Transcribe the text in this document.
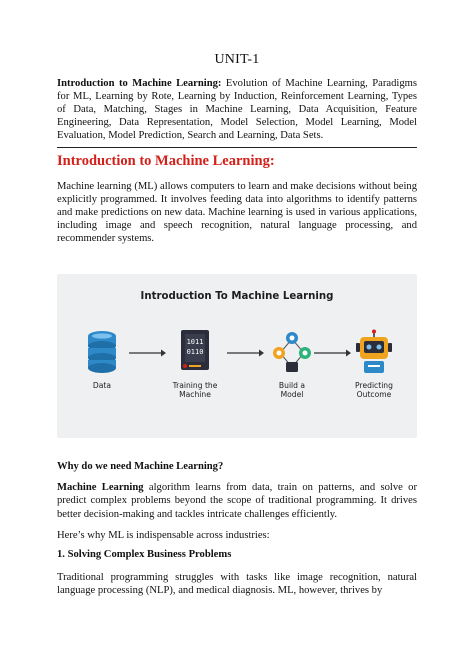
UNIT-1
Introduction to Machine Learning: Evolution of Machine Learning, Paradigms for ML, Learning by Rote, Learning by Induction, Reinforcement Learning, Types of Data, Matching, Stages in Machine Learning, Data Acquisition, Feature Engineering, Data Representation, Model Selection, Model Learning, Model Evaluation, Model Prediction, Search and Learning, Data Sets.
Introduction to Machine Learning:
Machine learning (ML) allows computers to learn and make decisions without being explicitly programmed. It involves feeding data into algorithms to identify patterns and make predictions on new data. Machine learning is used in various applications, including image and speech recognition, natural language processing, and recommender systems.
Introduction To Machine Learning
Data
1011
0110
Training the
Machine
Build a
Model
Predicting
Outcome
Why do we need Machine Learning?
Machine Learning algorithm learns from data, train on patterns, and solve or predict complex problems beyond the scope of traditional programming. It drives better decision-making and tackles intricate challenges efficiently.
Here’s why ML is indispensable across industries:
1. Solving Complex Business Problems
Traditional programming struggles with tasks like image recognition, natural language processing (NLP), and medical diagnosis. ML, however, thrives by
